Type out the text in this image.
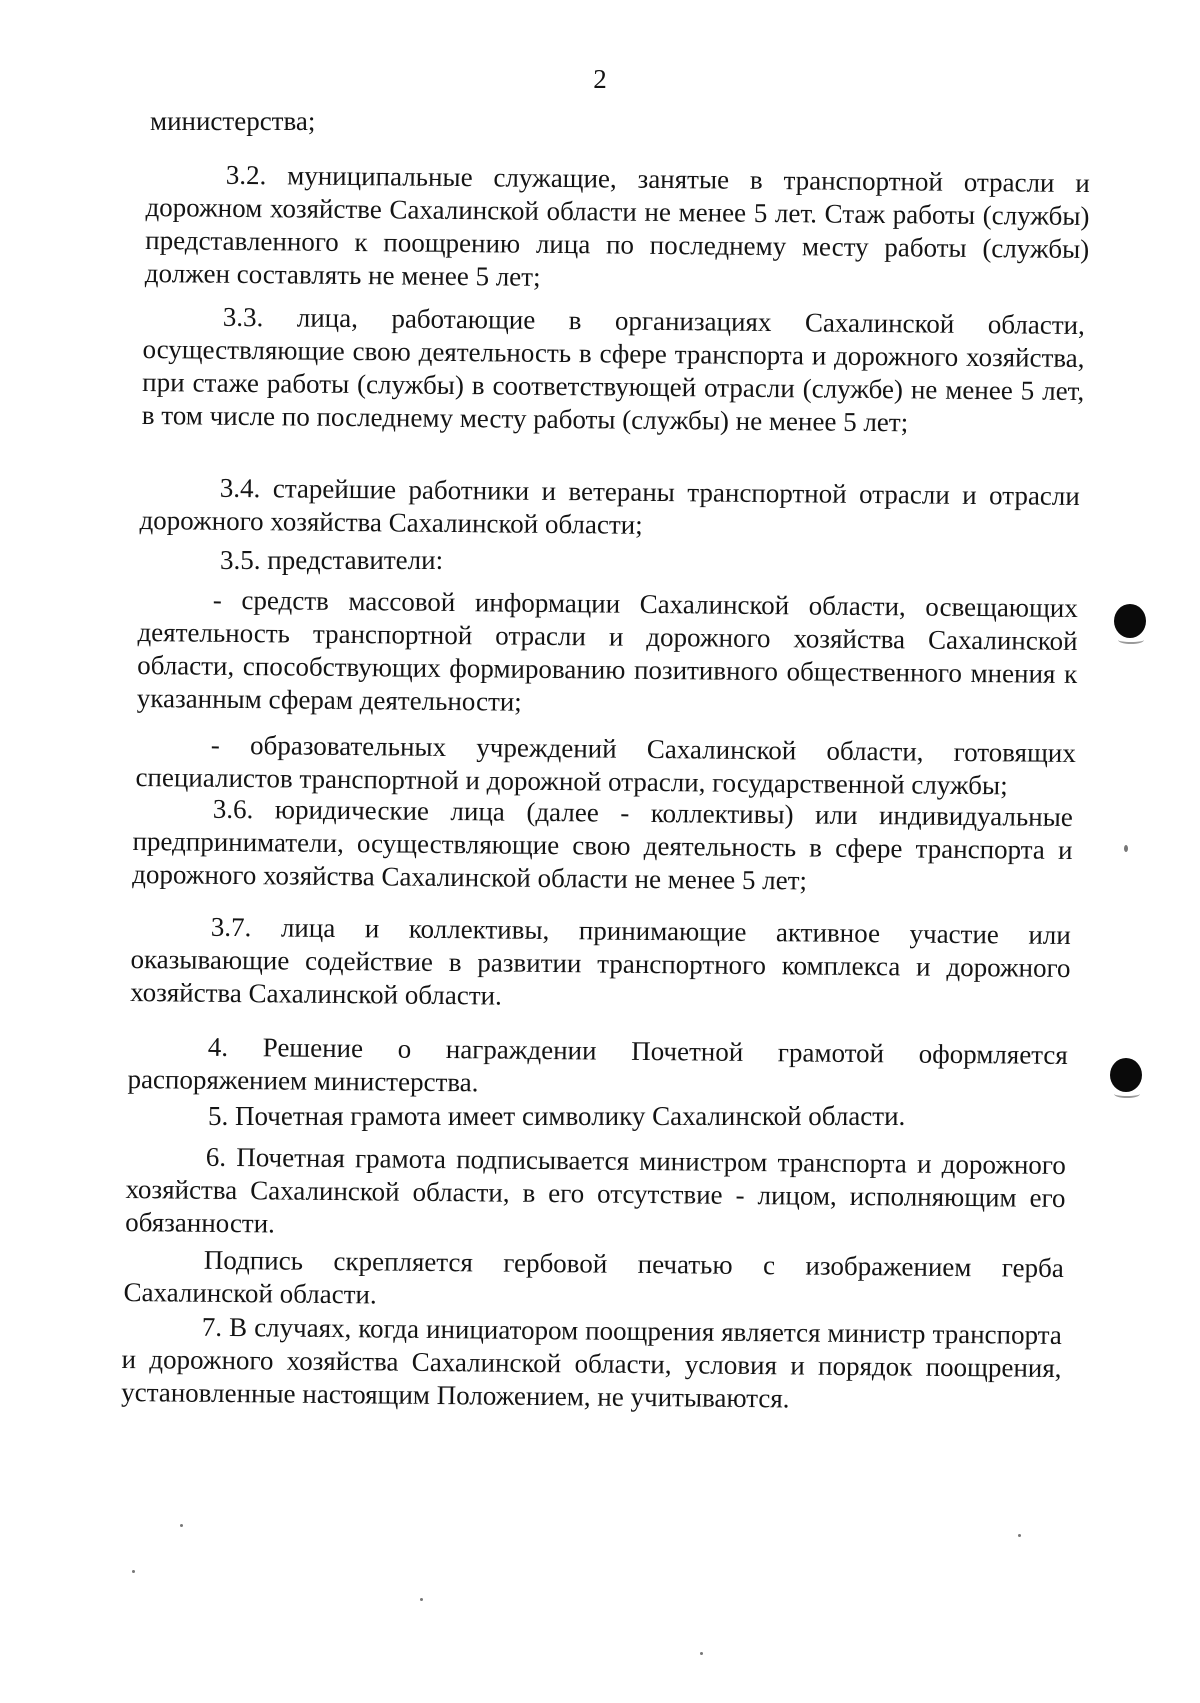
2

министерства;

3.2. муниципальные служащие, занятые в транспортной отрасли и дорожном хозяйстве Сахалинской области не менее 5 лет. Стаж работы (службы) представленного к поощрению лица по последнему месту работы (службы) должен составлять не менее 5 лет;

3.3. лица, работающие в организациях Сахалинской области, осуществляющие свою деятельность в сфере транспорта и дорожного хозяйства, при стаже работы (службы) в соответствующей отрасли (службе) не менее 5 лет, в том числе по последнему месту работы (службы) не менее 5 лет;

3.4. старейшие работники и ветераны транспортной отрасли и отрасли дорожного хозяйства Сахалинской области;

3.5. представители:

- средств массовой информации Сахалинской области, освещающих деятельность транспортной отрасли и дорожного хозяйства Сахалинской области, способствующих формированию позитивного общественного мнения к указанным сферам деятельности;

- образовательных учреждений Сахалинской области, готовящих специалистов транспортной и дорожной отрасли, государственной службы;

3.6. юридические лица (далее - коллективы) или индивидуальные предприниматели, осуществляющие свою деятельность в сфере транспорта и дорожного хозяйства Сахалинской области не менее 5 лет;

3.7. лица и коллективы, принимающие активное участие или оказывающие содействие в развитии транспортного комплекса и дорожного хозяйства Сахалинской области.

4. Решение о награждении Почетной грамотой оформляется распоряжением министерства.

5. Почетная грамота имеет символику Сахалинской области.

6. Почетная грамота подписывается министром транспорта и дорожного хозяйства Сахалинской области, в его отсутствие - лицом, исполняющим его обязанности.

Подпись скрепляется гербовой печатью с изображением герба Сахалинской области.

7. В случаях, когда инициатором поощрения является министр транспорта и дорожного хозяйства Сахалинской области, условия и порядок поощрения, установленные настоящим Положением, не учитываются.
